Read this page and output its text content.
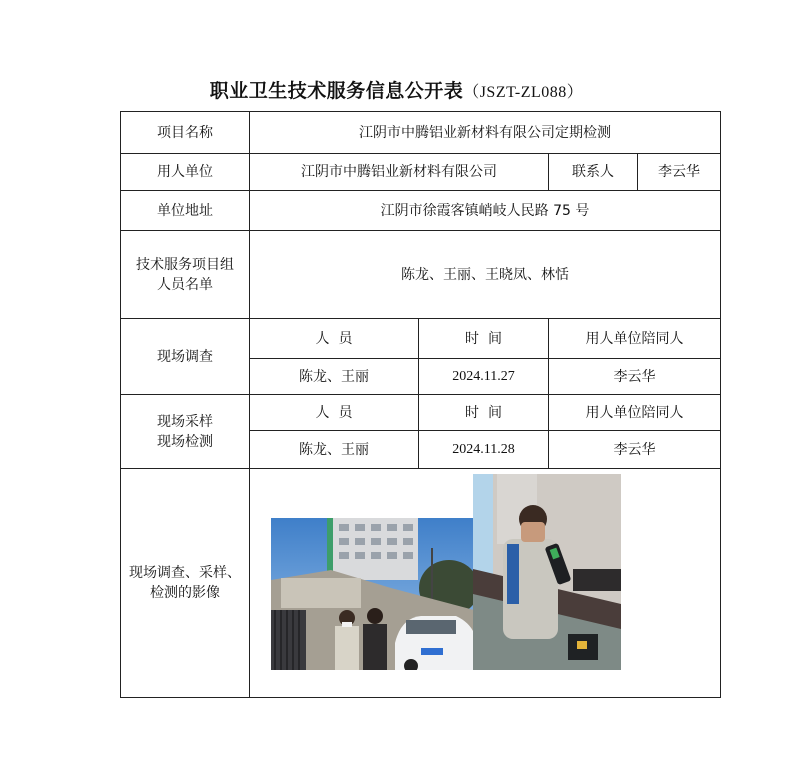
职业卫生技术服务信息公开表（JSZT-ZL088）
项目名称	江阴市中腾铝业新材料有限公司定期检测			
用人单位	江阴市中腾铝业新材料有限公司		联系人	李云华
单位地址	江阴市徐霞客镇峭岐人民路 75 号			

技术服务项目组
人员名单	陈龙、王丽、王晓凤、林恬			
现场调查	人  员	时  间	用人单位陪同人	
	陈龙、王丽	2024.11.27	李云华	

现场采样
现场检测	人  员	时  间	用人单位陪同人	
	陈龙、王丽	2024.11.28	李云华	

现场调查、采样、
检测的影像
